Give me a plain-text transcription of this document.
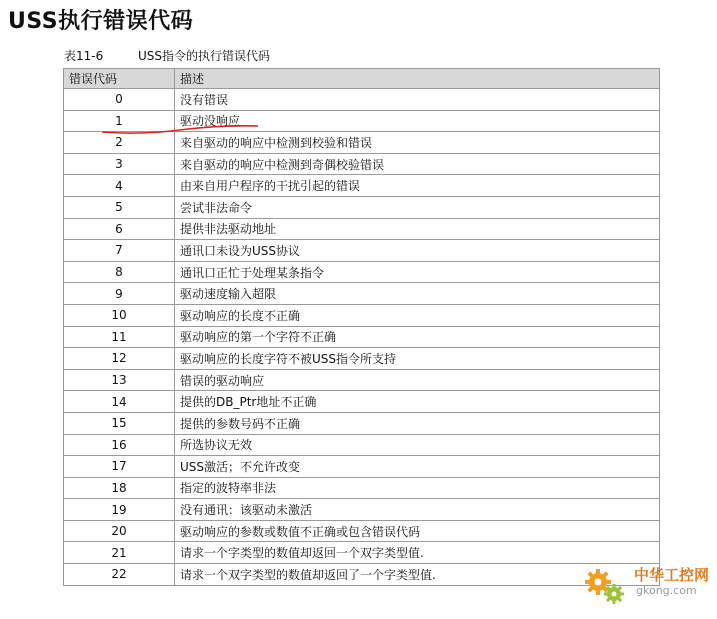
USS执行错误代码
表11-6	USS指令的执行错误代码
错误代码	描述
0	没有错误
1	驱动没响应
2	来自驱动的响应中检测到校验和错误
3	来自驱动的响应中检测到奇偶校验错误
4	由来自用户程序的干扰引起的错误
5	尝试非法命令
6	提供非法驱动地址
7	通讯口未设为USS协议
8	通讯口正忙于处理某条指令
9	驱动速度输入超限
10	驱动响应的长度不正确
11	驱动响应的第一个字符不正确
12	驱动响应的长度字符不被USS指令所支持
13	错误的驱动响应
14	提供的DB_Ptr地址不正确
15	提供的参数号码不正确
16	所选协议无效
17	USS激活；不允许改变
18	指定的波特率非法
19	没有通讯：该驱动未激活
20	驱动响应的参数或数值不正确或包含错误代码
21	请求一个字类型的数值却返回一个双字类型值.
22	请求一个双字类型的数值却返回了一个字类型值.	中华工控网
gkong.com
